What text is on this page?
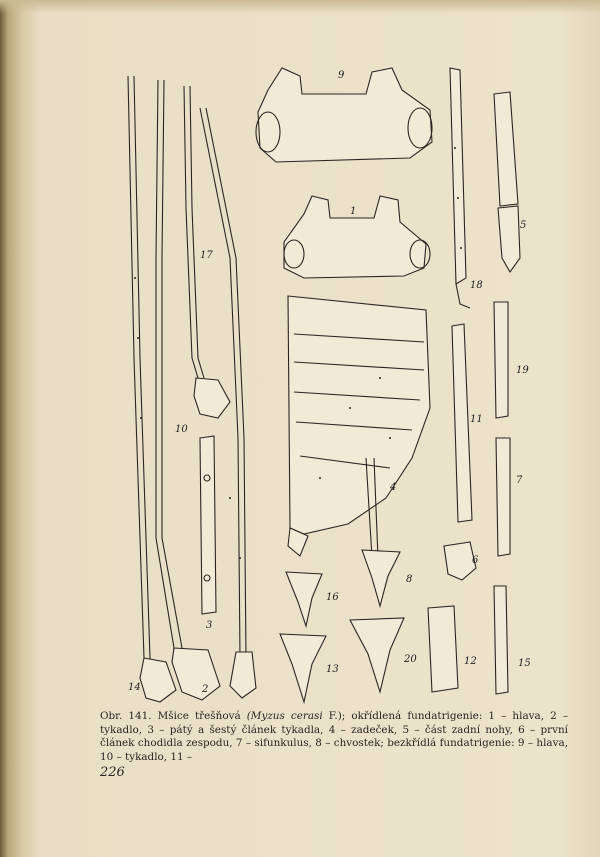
9
1
17
10
3
4
18
5
19
11
7
6
8
16
12	15
13
20
14	2
Obr. 141. Mšice třešňová (Myzus cerasi F.); okřídlená fundatrigenie: 1 – hlava, 2 – tykadlo, 3 – pátý a šestý článek tykadla, 4 – zadeček, 5 – část zadní nohy, 6 – první článek chodidla zespodu, 7 – sifunkulus, 8 – chvostek; bezkřídlá fundatrigenie: 9 – hlava, 10 – tykadlo, 11 –
226
